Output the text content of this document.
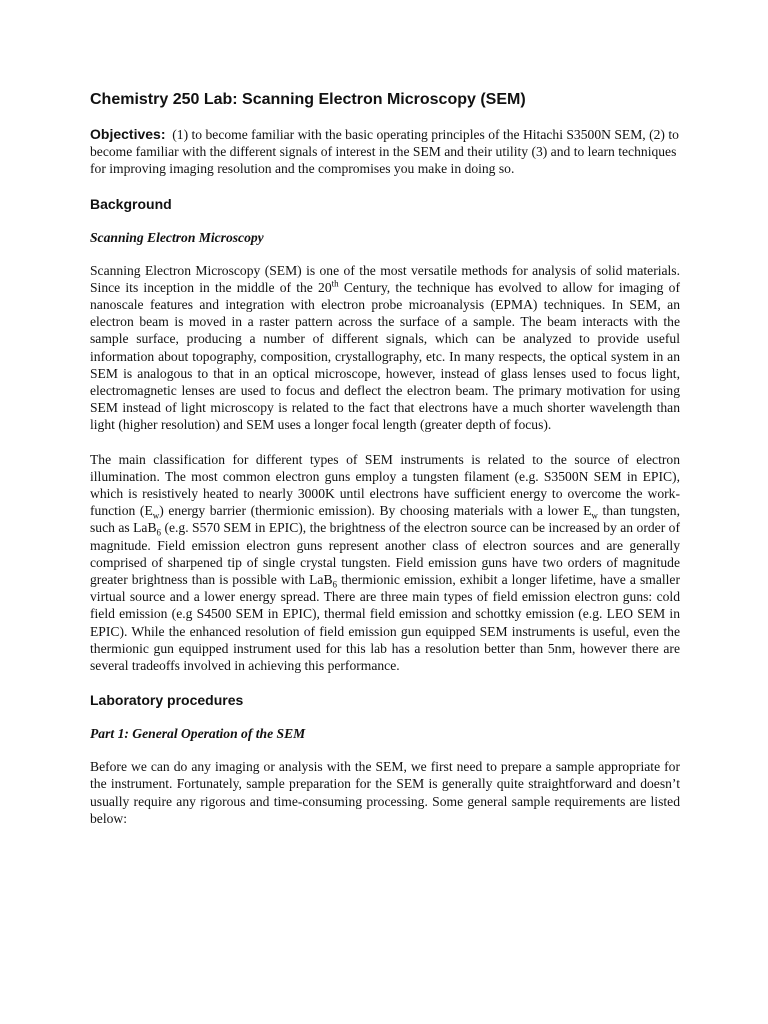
Chemistry 250 Lab: Scanning Electron Microscopy (SEM)

Objectives: (1) to become familiar with the basic operating principles of the Hitachi S3500N SEM, (2) to become familiar with the different signals of interest in the SEM and their utility (3) and to learn techniques for improving imaging resolution and the compromises you make in doing so.

Background
Scanning Electron Microscopy

Scanning Electron Microscopy (SEM) is one of the most versatile methods for analysis of solid materials. Since its inception in the middle of the 20th Century, the technique has evolved to allow for imaging of nanoscale features and integration with electron probe microanalysis (EPMA) techniques. In SEM, an electron beam is moved in a raster pattern across the surface of a sample. The beam interacts with the sample surface, producing a number of different signals, which can be analyzed to provide useful information about topography, composition, crystallography, etc. In many respects, the optical system in an SEM is analogous to that in an optical microscope, however, instead of glass lenses used to focus light, electromagnetic lenses are used to focus and deflect the electron beam. The primary motivation for using SEM instead of light microscopy is related to the fact that electrons have a much shorter wavelength than light (higher resolution) and SEM uses a longer focal length (greater depth of focus).

The main classification for different types of SEM instruments is related to the source of electron illumination. The most common electron guns employ a tungsten filament (e.g. S3500N SEM in EPIC), which is resistively heated to nearly 3000K until electrons have sufficient energy to overcome the work-function $(E_w)$ energy barrier (thermionic emission). By choosing materials with a lower $E_w$ than tungsten, such as LaB$_6$ (e.g. S570 SEM in EPIC), the brightness of the electron source can be increased by an order of magnitude. Field emission electron guns represent another class of electron sources and are generally comprised of sharpened tip of single crystal tungsten. Field emission guns have two orders of magnitude greater brightness than is possible with LaB$_6$ thermionic emission, exhibit a longer lifetime, have a smaller virtual source and a lower energy spread. There are three main types of field emission electron guns: cold field emission (e.g S4500 SEM in EPIC), thermal field emission and schottky emission (e.g. LEO SEM in EPIC). While the enhanced resolution of field emission gun equipped SEM instruments is useful, even the thermionic gun equipped instrument used for this lab has a resolution better than 5nm, however there are several tradeoffs involved in achieving this performance.

Laboratory procedures
Part 1: General Operation of the SEM

Before we can do any imaging or analysis with the SEM, we first need to prepare a sample appropriate for the instrument. Fortunately, sample preparation for the SEM is generally quite straightforward and doesn’t usually require any rigorous and time-consuming processing. Some general sample requirements are listed below:
